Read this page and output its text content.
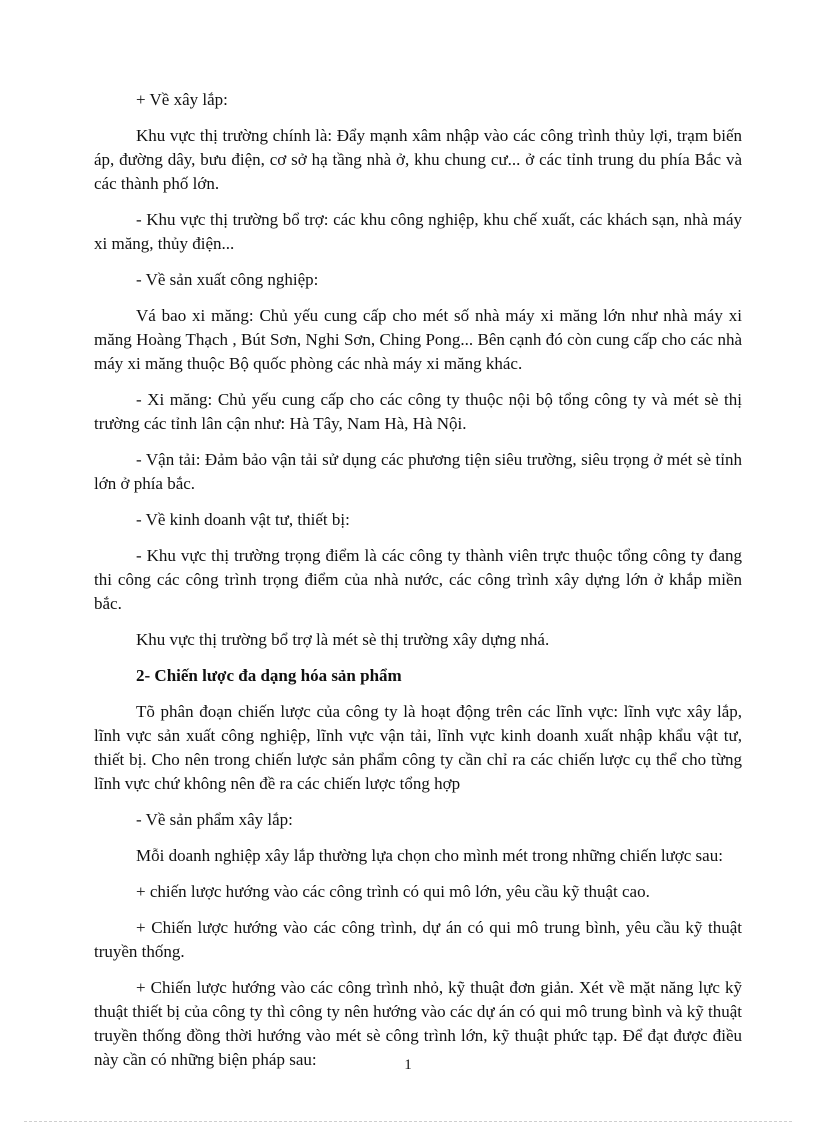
+ Về xây lắp:

Khu vực thị trường chính là: Đẩy mạnh xâm nhập vào các công trình thủy lợi, trạm biến áp, đường dây, bưu điện, cơ sở hạ tầng nhà ở, khu chung cư... ở các tỉnh trung du phía Bắc và các thành phố lớn.

- Khu vực thị trường bổ trợ: các khu công nghiệp, khu chế xuất, các khách sạn, nhà máy xi măng, thủy điện...

- Về sản xuất công nghiệp:

Vá bao xi măng: Chủ yếu cung cấp cho mét số nhà máy xi măng lớn như nhà máy xi măng Hoàng Thạch , Bút Sơn, Nghi Sơn, Ching Pong... Bên cạnh đó còn cung cấp cho các nhà máy xi măng thuộc Bộ quốc phòng các nhà máy xi măng khác.

- Xi măng: Chủ yếu cung cấp cho các công ty thuộc nội bộ tổng công ty và mét sè thị trường các tỉnh lân cận như: Hà Tây, Nam Hà, Hà Nội.

- Vận tải: Đảm bảo vận tải sử dụng các phương tiện siêu trường, siêu trọng ở mét sè tỉnh lớn ở phía bắc.

- Về kinh doanh vật tư, thiết bị:

- Khu vực thị trường trọng điểm là các công ty thành viên trực thuộc tổng công ty đang thi công các công trình trọng điểm của nhà nước, các công trình xây dựng lớn ở khắp miền bắc.

Khu vực thị trường bổ trợ là mét sè thị trường xây dựng nhá.

2- Chiến lược đa dạng hóa sản phẩm

Tõ phân đoạn chiến lược của công ty là hoạt động trên các lĩnh vực: lĩnh vực xây lắp, lĩnh vực sản xuất công nghiệp, lĩnh vực vận tải, lĩnh vực kinh doanh xuất nhập khẩu vật tư, thiết bị. Cho nên trong chiến lược sản phẩm công ty cần chỉ ra các chiến lược cụ thể cho từng lĩnh vực chứ không nên đề ra các chiến lược tổng hợp

- Về sản phẩm xây lắp:

Mỗi doanh nghiệp xây lắp thường lựa chọn cho mình mét trong những chiến lược sau:

+ chiến lược hướng vào các công trình có qui mô lớn, yêu cầu kỹ thuật cao.

+ Chiến lược hướng vào các công trình, dự án có qui mô trung bình, yêu cầu kỹ thuật truyền thống.

+ Chiến lược hướng vào các công trình nhỏ, kỹ thuật đơn giản. Xét về mặt năng lực kỹ thuật thiết bị của công ty thì công ty nên hướng vào các dự án có qui mô trung bình và kỹ thuật truyền thống đồng thời hướng vào mét sè công trình lớn, kỹ thuật phức tạp. Để đạt được điều này cần có những biện pháp sau:	1
